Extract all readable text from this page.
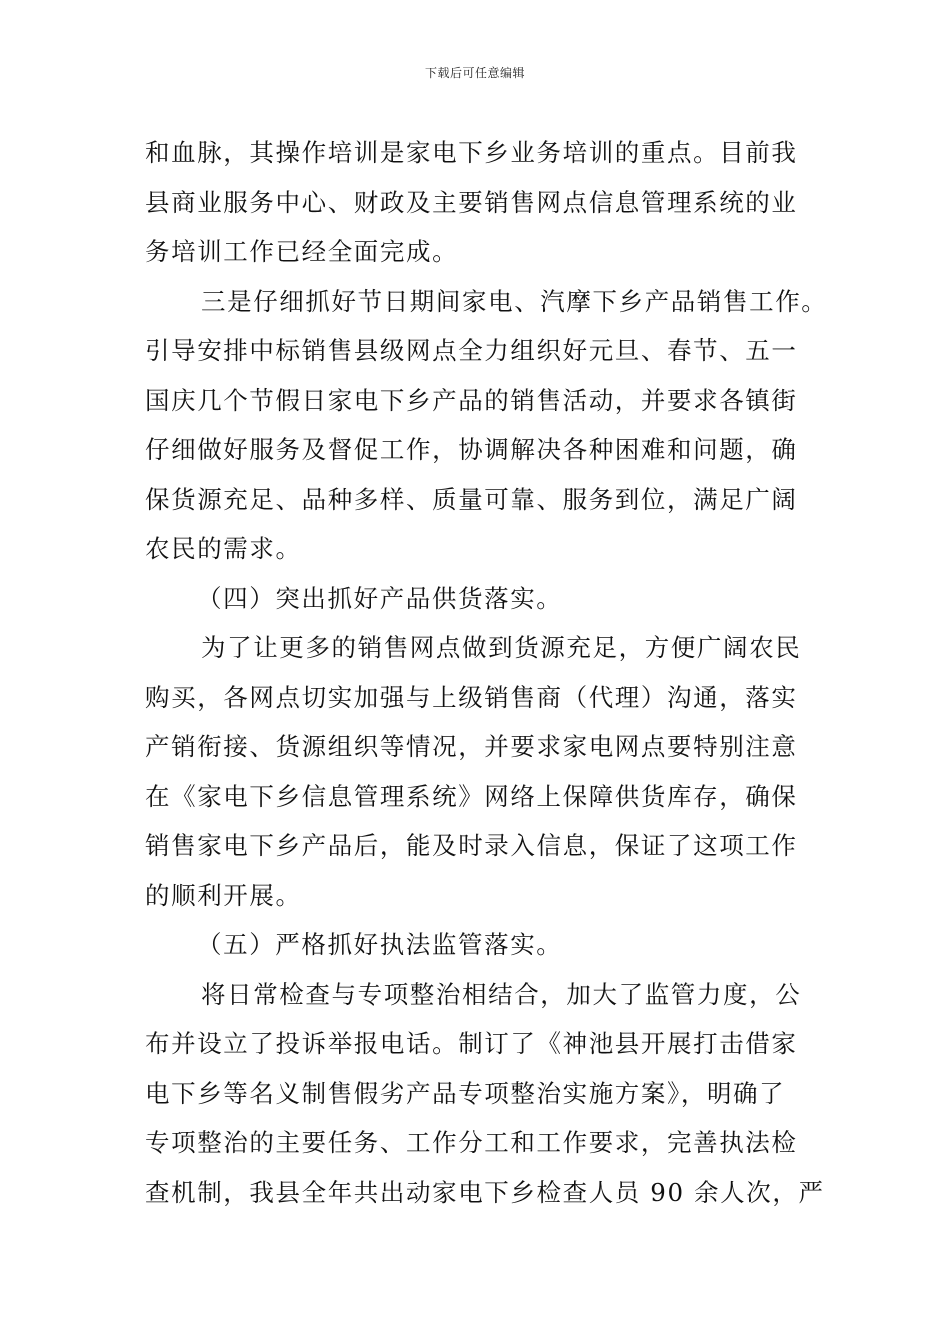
下载后可任意编辑
和血脉，其操作培训是家电下乡业务培训的重点。目前我
县商业服务中心、财政及主要销售网点信息管理系统的业
务培训工作已经全面完成。
三是仔细抓好节日期间家电、汽摩下乡产品销售工作。
引导安排中标销售县级网点全力组织好元旦、春节、五一
国庆几个节假日家电下乡产品的销售活动，并要求各镇街
仔细做好服务及督促工作，协调解决各种困难和问题，确
保货源充足、品种多样、质量可靠、服务到位，满足广阔
农民的需求。
（四）突出抓好产品供货落实。
为了让更多的销售网点做到货源充足，方便广阔农民
购买，各网点切实加强与上级销售商（代理）沟通，落实
产销衔接、货源组织等情况，并要求家电网点要特别注意
在《家电下乡信息管理系统》网络上保障供货库存，确保
销售家电下乡产品后，能及时录入信息，保证了这项工作
的顺利开展。
（五）严格抓好执法监管落实。
将日常检查与专项整治相结合，加大了监管力度，公
布并设立了投诉举报电话。制订了《神池县开展打击借家
电下乡等名义制售假劣产品专项整治实施方案》，明确了
专项整治的主要任务、工作分工和工作要求，完善执法检
查机制，我县全年共出动家电下乡检查人员 90 余人次，严
